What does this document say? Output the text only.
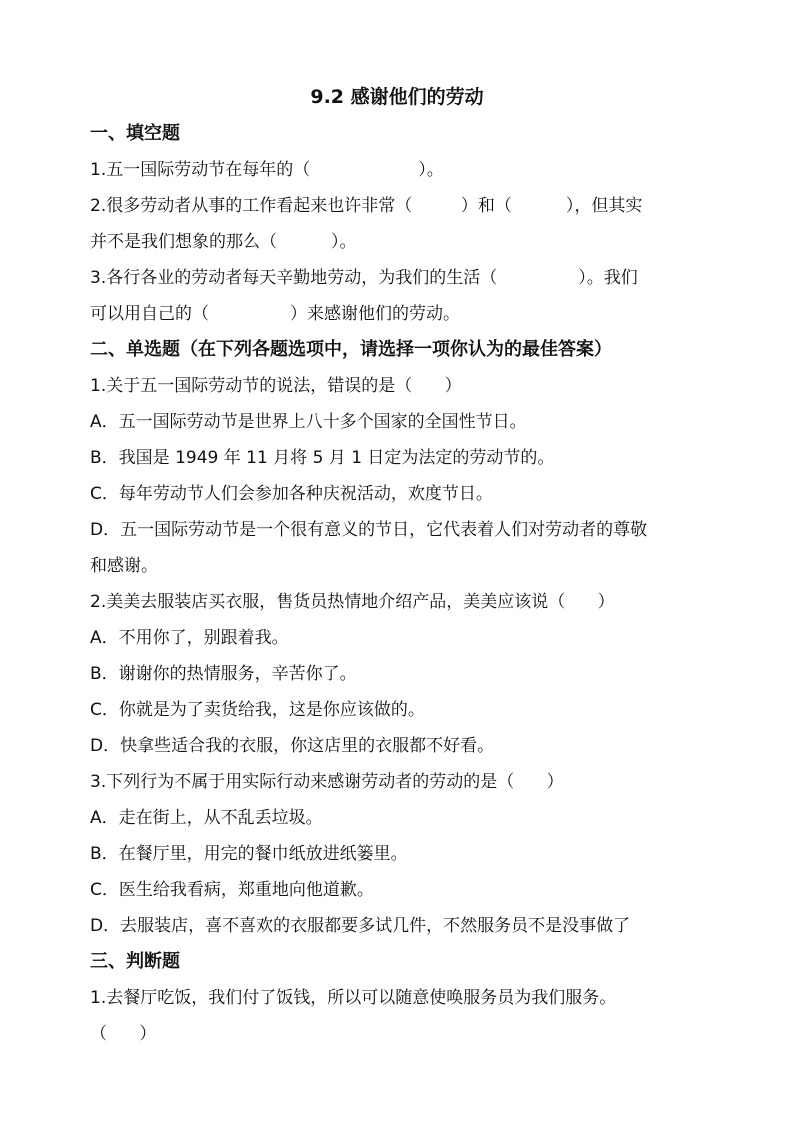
9.2 感谢他们的劳动
一、填空题

1.五一国际劳动节在每年的（                    ）。

2.很多劳动者从事的工作看起来也许非常（         ）和（          ），但其实

并不是我们想象的那么（          ）。

3.各行各业的劳动者每天辛勤地劳动，为我们的生活（               ）。我们

可以用自己的（               ）来感谢他们的劳动。

二、单选题（在下列各题选项中，请选择一项你认为的最佳答案）

1.关于五一国际劳动节的说法，错误的是（      ）

A．五一国际劳动节是世界上八十多个国家的全国性节日。

B．我国是 1949 年 11 月将 5 月 1 日定为法定的劳动节的。

C．每年劳动节人们会参加各种庆祝活动，欢度节日。

D．五一国际劳动节是一个很有意义的节日，它代表着人们对劳动者的尊敬

和感谢。

2.美美去服装店买衣服，售货员热情地介绍产品，美美应该说（      ）

A．不用你了，别跟着我。

B．谢谢你的热情服务，辛苦你了。

C．你就是为了卖货给我，这是你应该做的。

D．快拿些适合我的衣服，你这店里的衣服都不好看。

3.下列行为不属于用实际行动来感谢劳动者的劳动的是（      ）

A．走在街上，从不乱丢垃圾。

B．在餐厅里，用完的餐巾纸放进纸篓里。

C．医生给我看病，郑重地向他道歉。

D．去服装店，喜不喜欢的衣服都要多试几件，不然服务员不是没事做了

三、判断题

1.去餐厅吃饭，我们付了饭钱，所以可以随意使唤服务员为我们服务。

（      ）
